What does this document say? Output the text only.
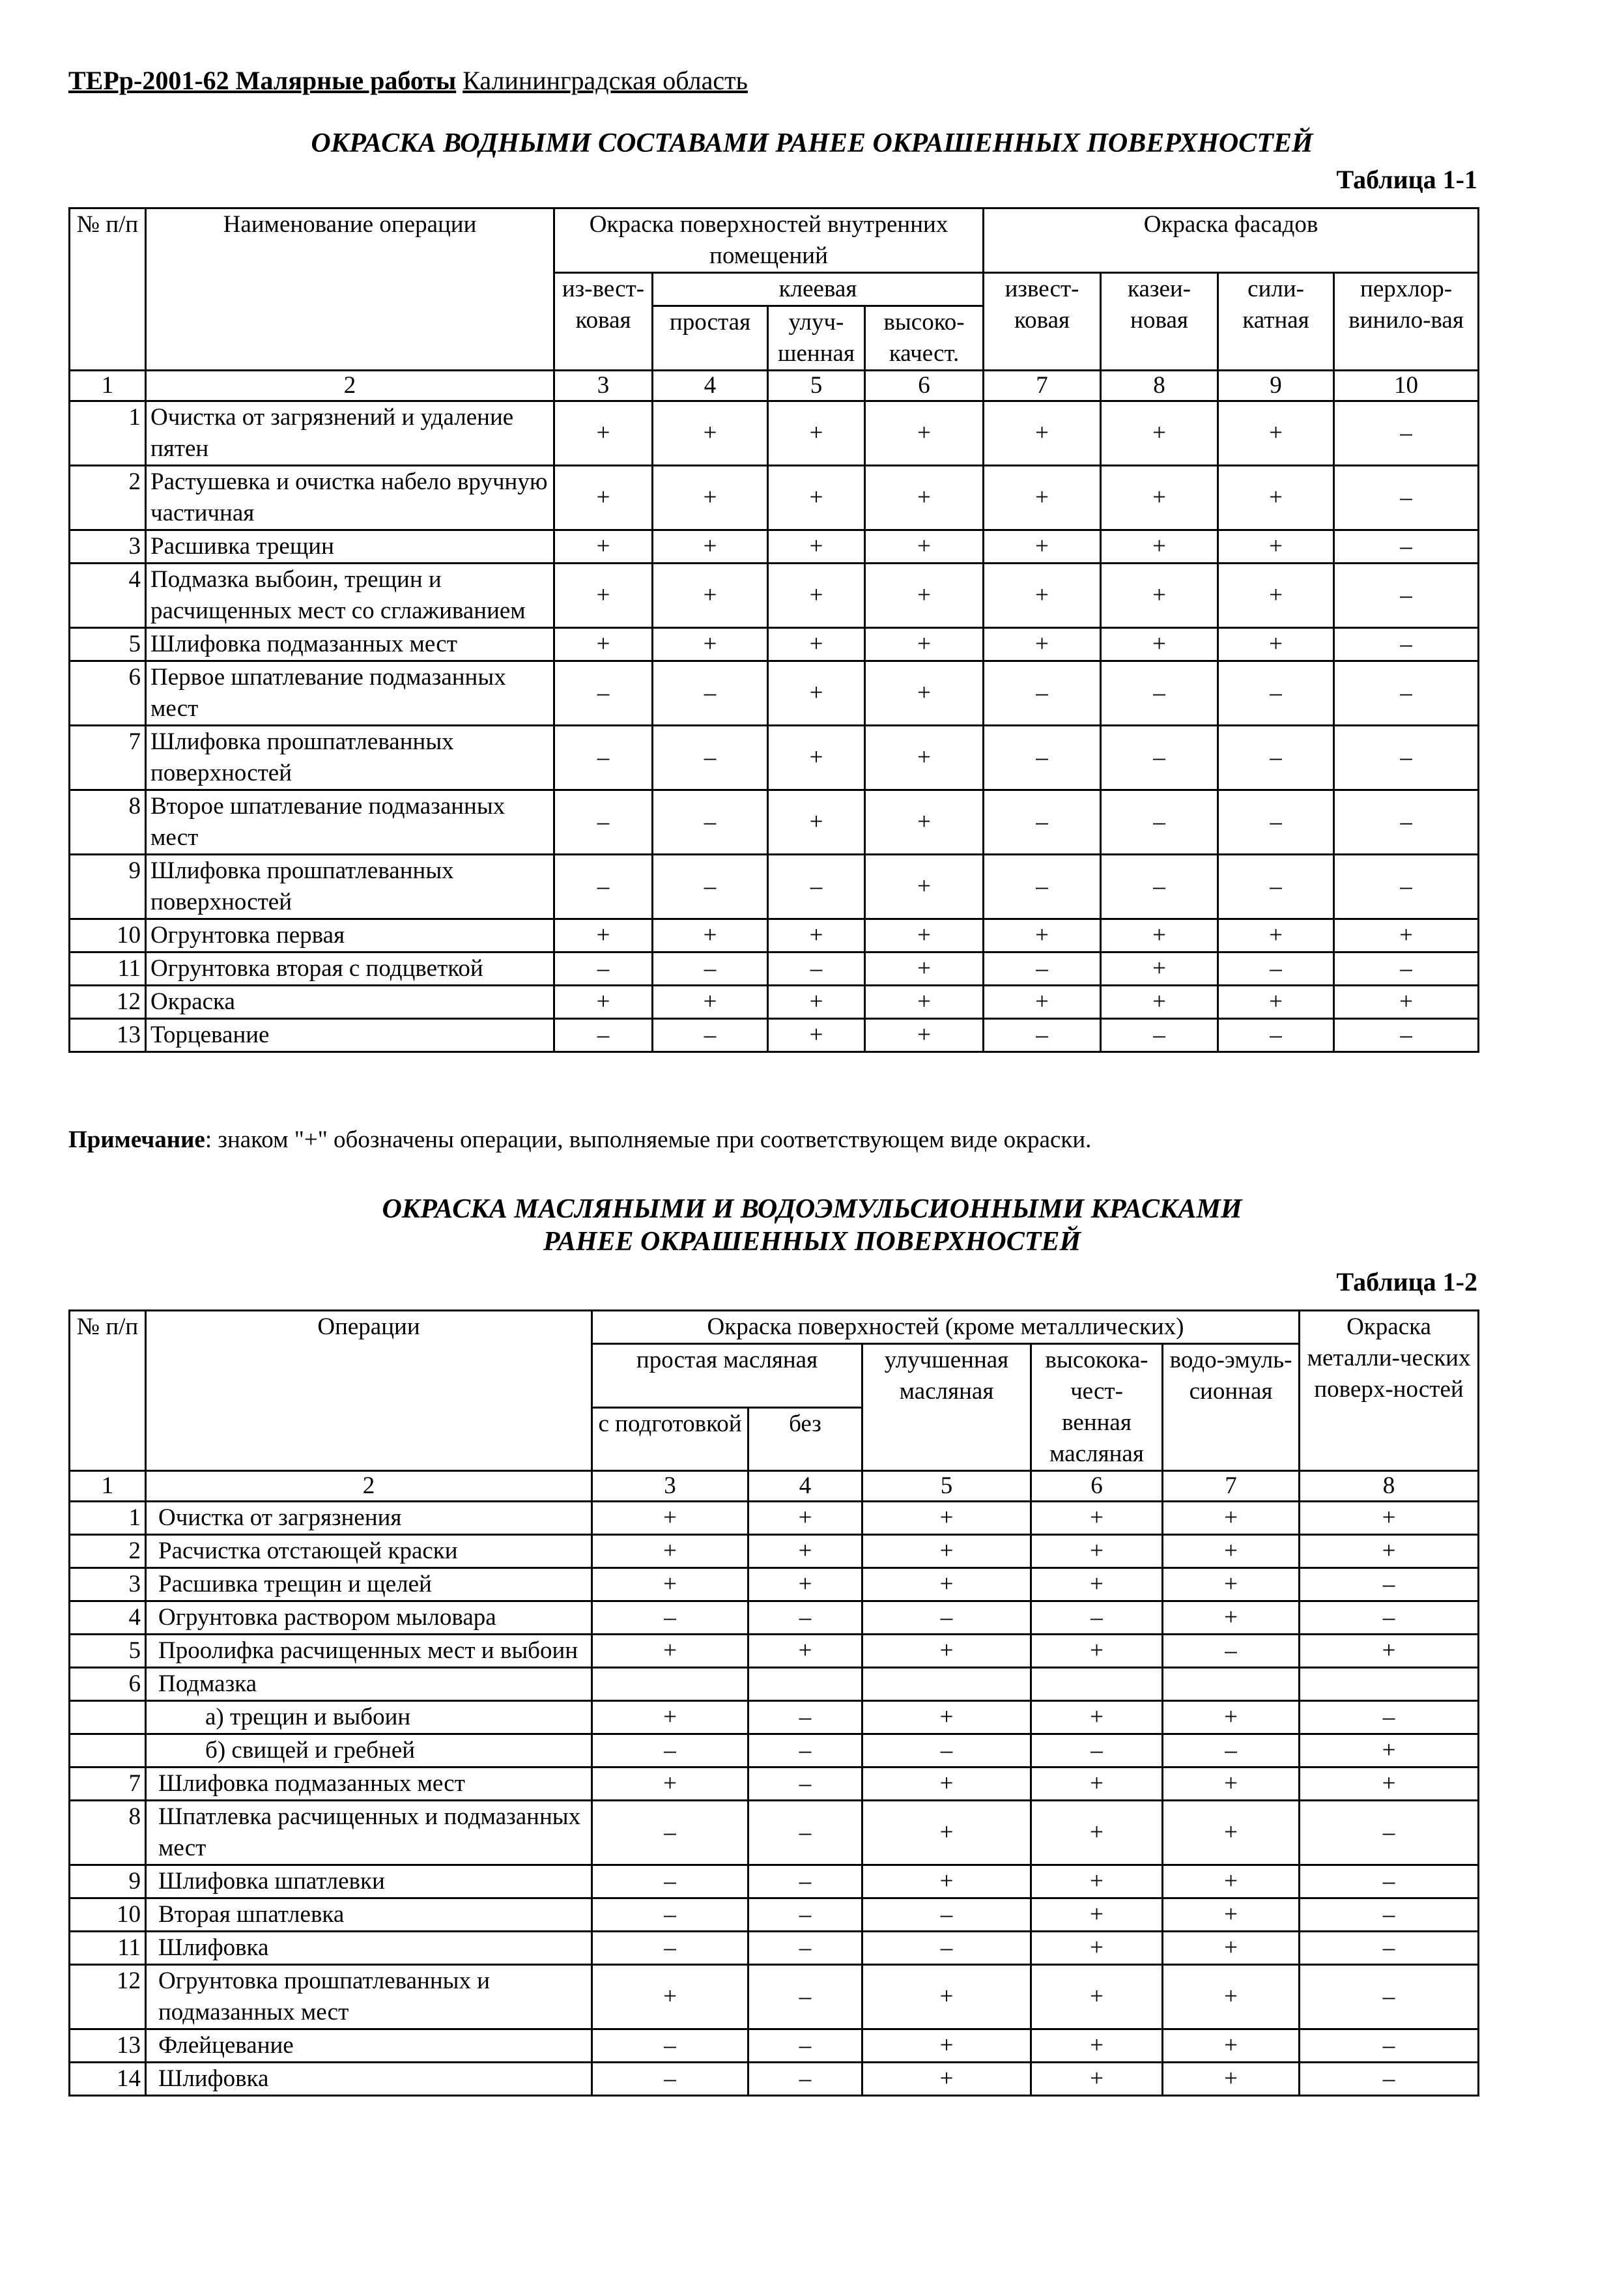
ТЕРр-2001-62 Малярные работы Калининградская область
ОКРАСКА ВОДНЫМИ СОСТАВАМИ РАНЕЕ ОКРАШЕННЫХ ПОВЕРХНОСТЕЙ
Таблица 1-1
№ п/п	Наименование операции	Окраска поверхностей внутренних помещений				Окраска фасадов			
		из-вест-ковая	клеевая			извест-ковая	казеи-новая	сили-катная	перхлор-винило-вая
			простая	улуч-шенная	высоко-качест.				
1	2	3	4	5	6	7	8	9	10
1	Очистка от загрязнений и удаление пятен	+	+	+	+	+	+	+	–
2	Растушевка и очистка набело вручную частичная	+	+	+	+	+	+	+	–
3	Расшивка трещин	+	+	+	+	+	+	+	–
4	Подмазка выбоин, трещин и расчищенных мест со сглаживанием	+	+	+	+	+	+	+	–
5	Шлифовка подмазанных мест	+	+	+	+	+	+	+	–
6	Первое шпатлевание подмазанных мест	–	–	+	+	–	–	–	–
7	Шлифовка прошпатлеванных поверхностей	–	–	+	+	–	–	–	–
8	Второе шпатлевание подмазанных мест	–	–	+	+	–	–	–	–
9	Шлифовка прошпатлеванных поверхностей	–	–	–	+	–	–	–	–
10	Огрунтовка первая	+	+	+	+	+	+	+	+
11	Огрунтовка вторая с подцветкой	–	–	–	+	–	+	–	–
12	Окраска	+	+	+	+	+	+	+	+
13	Торцевание	–	–	+	+	–	–	–	–
Примечание: знаком "+" обозначены операции, выполняемые при соответствующем виде окраски.
ОКРАСКА МАСЛЯНЫМИ И ВОДОЭМУЛЬСИОННЫМИ КРАСКАМИ
РАНЕЕ ОКРАШЕННЫХ ПОВЕРХНОСТЕЙ
Таблица 1-2
№ п/п	Операции	Окраска поверхностей (кроме металлических)					Окраска металли-ческих поверх-ностей
		простая масляная		улучшенная масляная	высокока-чест-венная масляная	водо-эмуль-сионная	
		с подготовкой	без				
1	2	3	4	5	6	7	8
1	Очистка от загрязнения	+	+	+	+	+	+
2	Расчистка отстающей краски	+	+	+	+	+	+
3	Расшивка трещин и щелей	+	+	+	+	+	–
4	Огрунтовка раствором мыловара	–	–	–	–	+	–
5	Проолифка расчищенных мест и выбоин	+	+	+	+	–	+
6	Подмазка						
	а) трещин и выбоин	+	–	+	+	+	–
	б) свищей и гребней	–	–	–	–	–	+
7	Шлифовка подмазанных мест	+	–	+	+	+	+
8	Шпатлевка расчищенных и подмазанных мест	–	–	+	+	+	–
9	Шлифовка шпатлевки	–	–	+	+	+	–
10	Вторая шпатлевка	–	–	–	+	+	–
11	Шлифовка	–	–	–	+	+	–
12	Огрунтовка прошпатлеванных и подмазанных мест	+	–	+	+	+	–
13	Флейцевание	–	–	+	+	+	–
14	Шлифовка	–	–	+	+	+	–
